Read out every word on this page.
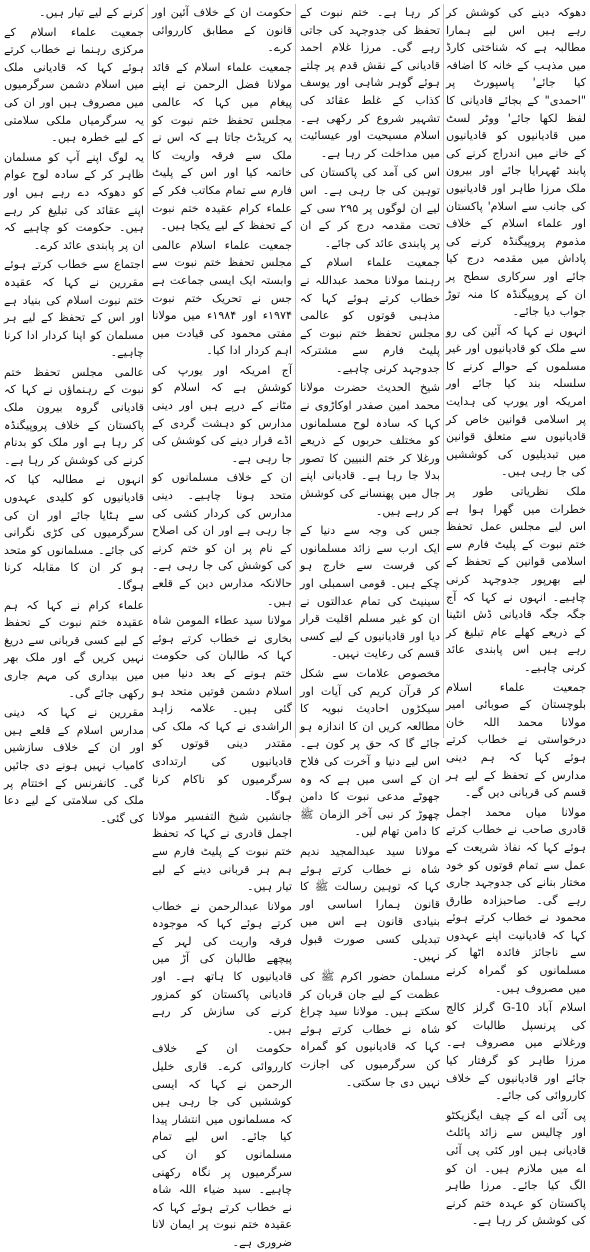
دھوکہ دینے کی کوشش کر رہے ہیں اس لیے ہمارا مطالبہ ہے کہ شناختی کارڈ میں مذہب کے خانہ کا اضافہ کیا جائے' پاسپورٹ پر "احمدی" کے بجائے قادیانی کا لفظ لکھا جائے' ووٹر لسٹ میں قادیانیوں کو قادیانیوں کے خانے میں اندراج کرنے کی پابند ٹھہرایا جائے اور بیرون ملک مرزا طاہر اور قادیانیوں کی جانب سے اسلام' پاکستان اور علماء اسلام کے خلاف مذموم پروپیگنڈہ کرنے کی پاداش میں مقدمہ درج کیا جائے اور سرکاری سطح پر ان کے پروپیگنڈہ کا منہ توڑ جواب دیا جائے۔

انہوں نے کہا کہ آئین کی رو سے ملک کو قادیانیوں اور غیر مسلموں کے حوالے کرنے کا سلسلہ بند کیا جائے اور امریکہ اور یورپ کی ہدایت پر اسلامی قوانین خاص کر قادیانیوں سے متعلق قوانین میں تبدیلیوں کی کوششیں کی جا رہی ہیں۔

ملک نظریاتی طور پر خطرات میں گھرا ہوا ہے اس لیے مجلس عمل تحفظ ختم نبوت کے پلیٹ فارم سے اسلامی قوانین کے تحفظ کے لیے بھرپور جدوجہد کرنی چاہیے۔ انہوں نے کہا کہ آج جگہ جگہ قادیانی ڈش انٹینا کے ذریعے کھلے عام تبلیغ کر رہے ہیں اس پابندی عائد کرنی چاہیے۔

جمعیت علماء اسلام بلوچستان کے صوبائی امیر مولانا محمد اللہ خان درخواستی نے خطاب کرتے ہوئے کہا کہ ہم دینی مدارس کے تحفظ کے لیے ہر قسم کی قربانی دیں گے۔

مولانا میاں محمد اجمل قادری صاحب نے خطاب کرتے ہوئے کہا کہ نفاذ شریعت کے عمل سے تمام قوتوں کو خود مختار بنانے کی جدوجہد جاری رہے گی۔ صاحبزادہ طارق محمود نے خطاب کرتے ہوئے کہا کہ قادیانیت اپنے عہدوں سے ناجائز فائدہ اٹھا کر مسلمانوں کو گمراہ کرنے میں مصروف ہیں۔

اسلام آباد G-10 گرلز کالج کی پرنسپل طالبات کو ورغلانے میں مصروف ہے۔ مرزا طاہر کو گرفتار کیا جائے اور قادیانیوں کے خلاف کارروائی کی جائے۔

پی آئی اے کے چیف ایگزیکٹو اور چالیس سے زائد پائلٹ قادیانی ہیں اور کئی پی آئی اے میں ملازم ہیں۔ ان کو الگ کیا جائے۔ مرزا طاہر پاکستان کو عہدہ ختم کرنے کی کوشش کر رہا ہے۔

کر رہا ہے۔ ختم نبوت کے تحفظ کی جدوجہد کی جاتی رہے گی۔ مرزا غلام احمد قادیانی کے نقش قدم پر چلتے ہوئے گوہر شاہی اور یوسف کذاب کے غلط عقائد کی تشہیر شروع کر رکھی ہے۔ اسلام مسیحیت اور عیسائیت میں مداخلت کر رہا ہے۔

اس کی آمد کی پاکستان کی توہین کی جا رہی ہے۔ اس لیے ان لوگوں پر ۲۹۵ سی کے تحت مقدمہ درج کر کے ان پر پابندی عائد کی جائے۔

جمعیت علماء اسلام کے رہنما مولانا محمد عبداللہ نے خطاب کرتے ہوئے کہا کہ مذہبی قوتوں کو عالمی مجلس تحفظ ختم نبوت کے پلیٹ فارم سے مشترکہ جدوجہد کرنی چاہیے۔

شیخ الحدیث حضرت مولانا محمد امین صفدر اوکاڑوی نے کہا کہ سادہ لوح مسلمانوں کو مختلف حربوں کے ذریعے ورغلا کر ختم النبیین کا تصور بدلا جا رہا ہے۔ قادیانی اپنے جال میں پھنسانے کی کوشش کر رہے ہیں۔

جس کی وجہ سے دنیا کے ایک ارب سے زائد مسلمانوں کی فرست سے خارج ہو چکے ہیں۔ قومی اسمبلی اور سینیٹ کی تمام عدالتوں نے ان کو غیر مسلم اقلیت قرار دیا اور قادیانیوں کے لیے کسی قسم کی رعایت نہیں۔

مخصوص علامات سے شکل کر قرآن کریم کی آیات اور سیکڑوں احادیث نبویہ کا مطالعہ کریں ان کا اندازہ ہو جائے گا کہ حق پر کون ہے۔ اس لیے دنیا و آخرت کی فلاح ان کے اسی میں ہے کہ وہ جھوٹے مدعی نبوت کا دامن چھوڑ کر نبی آخر الزمان ﷺ کا دامن تھام لیں۔

مولانا سید عبدالمجید ندیم شاہ نے خطاب کرتے ہوئے کہا کہ توہین رسالت ﷺ کا قانون ہمارا اساسی اور بنیادی قانون ہے اس میں تبدیلی کسی صورت قبول نہیں۔

مسلمان حضور اکرم ﷺ کی عظمت کے لیے جان قربان کر سکتے ہیں۔ مولانا سید چراغ شاہ نے خطاب کرتے ہوئے کہا کہ قادیانیوں کو گمراہ کن سرگرمیوں کی اجازت نہیں دی جا سکتی۔

حکومت ان کے خلاف آئین اور قانون کے مطابق کارروائی کرے۔

جمعیت علماء اسلام کے قائد مولانا فضل الرحمن نے اپنے پیغام میں کہا کہ عالمی مجلس تحفظ ختم نبوت کو یہ کریڈٹ جاتا ہے کہ اس نے ملک سے فرقہ واریت کا خاتمہ کیا اور اس کے پلیٹ فارم سے تمام مکاتب فکر کے علماء کرام عقیدہ ختم نبوت کے تحفظ کے لیے یکجا ہیں۔

جمعیت علماء اسلام عالمی مجلس تحفظ ختم نبوت سے وابستہ ایک ایسی جماعت ہے جس نے تحریک ختم نبوت ۱۹۷۴ء اور ۱۹۸۴ء میں مولانا مفتی محمود کی قیادت میں اہم کردار ادا کیا۔

آج امریکہ اور یورپ کی کوشش ہے کہ اسلام کو مٹانے کے درپے ہیں اور دینی مدارس کو دہشت گردی کے اڈے قرار دینے کی کوشش کی جا رہی ہے۔

ان کے خلاف مسلمانوں کو متحد ہونا چاہیے۔ دینی مدارس کی کردار کشی کی جا رہی ہے اور ان کی اصلاح کے نام پر ان کو ختم کرنے کی کوشش کی جا رہی ہے۔ حالانکہ مدارس دین کے قلعے ہیں۔

مولانا سید عطاء المومن شاہ بخاری نے خطاب کرتے ہوئے کہا کہ طالبان کی حکومت ختم ہونے کے بعد دنیا میں اسلام دشمن قوتیں متحد ہو گئی ہیں۔ علامہ زاہد الراشدی نے کہا کہ ملک کی مقتدر دینی قوتوں کو قادیانیوں کی ارتدادی سرگرمیوں کو ناکام کرنا ہوگا۔

جانشین شیخ التفسیر مولانا اجمل قادری نے کہا کہ تحفظ ختم نبوت کے پلیٹ فارم سے ہم ہر قربانی دینے کے لیے تیار ہیں۔

مولانا عبدالرحمن نے خطاب کرتے ہوئے کہا کہ موجودہ فرقہ واریت کی لہر کے پیچھے طالبان کی آڑ میں قادیانیوں کا ہاتھ ہے۔ اور قادیانی پاکستان کو کمزور کرنے کی سازش کر رہے ہیں۔

حکومت ان کے خلاف کارروائی کرے۔ قاری خلیل الرحمن نے کہا کہ ایسی کوششیں کی جا رہی ہیں کہ مسلمانوں میں انتشار پیدا کیا جائے۔ اس لیے تمام مسلمانوں کو ان کی سرگرمیوں پر نگاہ رکھنی چاہیے۔ سید ضیاء اللہ شاہ نے خطاب کرتے ہوئے کہا کہ عقیدہ ختم نبوت پر ایمان لانا ضروری ہے۔

کرنے کے لیے تیار ہیں۔

جمعیت علماء اسلام کے مرکزی رہنما نے خطاب کرتے ہوئے کہا کہ قادیانی ملک میں اسلام دشمن سرگرمیوں میں مصروف ہیں اور ان کی یہ سرگرمیاں ملکی سلامتی کے لیے خطرہ ہیں۔

یہ لوگ اپنے آپ کو مسلمان ظاہر کر کے سادہ لوح عوام کو دھوکہ دے رہے ہیں اور اپنے عقائد کی تبلیغ کر رہے ہیں۔ حکومت کو چاہیے کہ ان پر پابندی عائد کرے۔

اجتماع سے خطاب کرتے ہوئے مقررین نے کہا کہ عقیدہ ختم نبوت اسلام کی بنیاد ہے اور اس کے تحفظ کے لیے ہر مسلمان کو اپنا کردار ادا کرنا چاہیے۔

عالمی مجلس تحفظ ختم نبوت کے رہنماؤں نے کہا کہ قادیانی گروہ بیرون ملک پاکستان کے خلاف پروپیگنڈہ کر رہا ہے اور ملک کو بدنام کرنے کی کوشش کر رہا ہے۔

انہوں نے مطالبہ کیا کہ قادیانیوں کو کلیدی عہدوں سے ہٹایا جائے اور ان کی سرگرمیوں کی کڑی نگرانی کی جائے۔ مسلمانوں کو متحد ہو کر ان کا مقابلہ کرنا ہوگا۔

علماء کرام نے کہا کہ ہم عقیدہ ختم نبوت کے تحفظ کے لیے کسی قربانی سے دریغ نہیں کریں گے اور ملک بھر میں بیداری کی مہم جاری رکھی جائے گی۔

مقررین نے کہا کہ دینی مدارس اسلام کے قلعے ہیں اور ان کے خلاف سازشیں کامیاب نہیں ہونے دی جائیں گی۔ کانفرنس کے اختتام پر ملک کی سلامتی کے لیے دعا کی گئی۔
